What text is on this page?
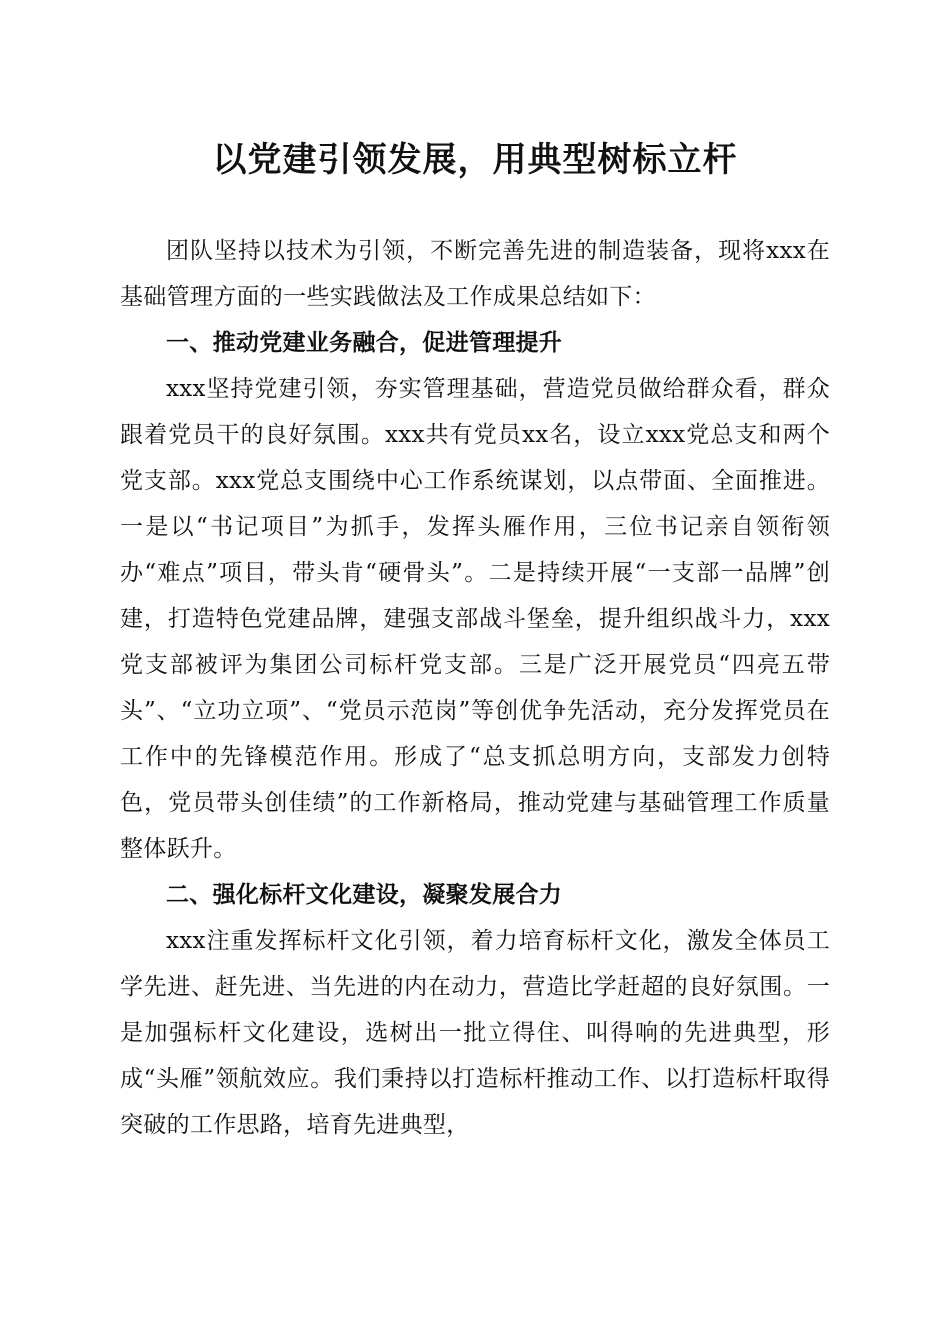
以党建引领发展，用典型树标立杆

团队坚持以技术为引领，不断完善先进的制造装备，现将xxx在基础管理方面的一些实践做法及工作成果总结如下：

一、推动党建业务融合，促进管理提升

xxx坚持党建引领，夯实管理基础，营造党员做给群众看，群众跟着党员干的良好氛围。xxx共有党员xx名，设立xxx党总支和两个党支部。xxx党总支围绕中心工作系统谋划，以点带面、全面推进。一是以“书记项目”为抓手，发挥头雁作用，三位书记亲自领衔领办“难点”项目，带头肯“硬骨头”。二是持续开展“一支部一品牌”创建，打造特色党建品牌，建强支部战斗堡垒，提升组织战斗力，xxx党支部被评为集团公司标杆党支部。三是广泛开展党员“四亮五带头”、“立功立项”、“党员示范岗”等创优争先活动，充分发挥党员在工作中的先锋模范作用。形成了“总支抓总明方向，支部发力创特色，党员带头创佳绩”的工作新格局，推动党建与基础管理工作质量整体跃升。

二、强化标杆文化建设，凝聚发展合力

xxx注重发挥标杆文化引领，着力培育标杆文化，激发全体员工学先进、赶先进、当先进的内在动力，营造比学赶超的良好氛围。一是加强标杆文化建设，选树出一批立得住、叫得响的先进典型，形成“头雁”领航效应。我们秉持以打造标杆推动工作、以打造标杆取得突破的工作思路，培育先进典型，
